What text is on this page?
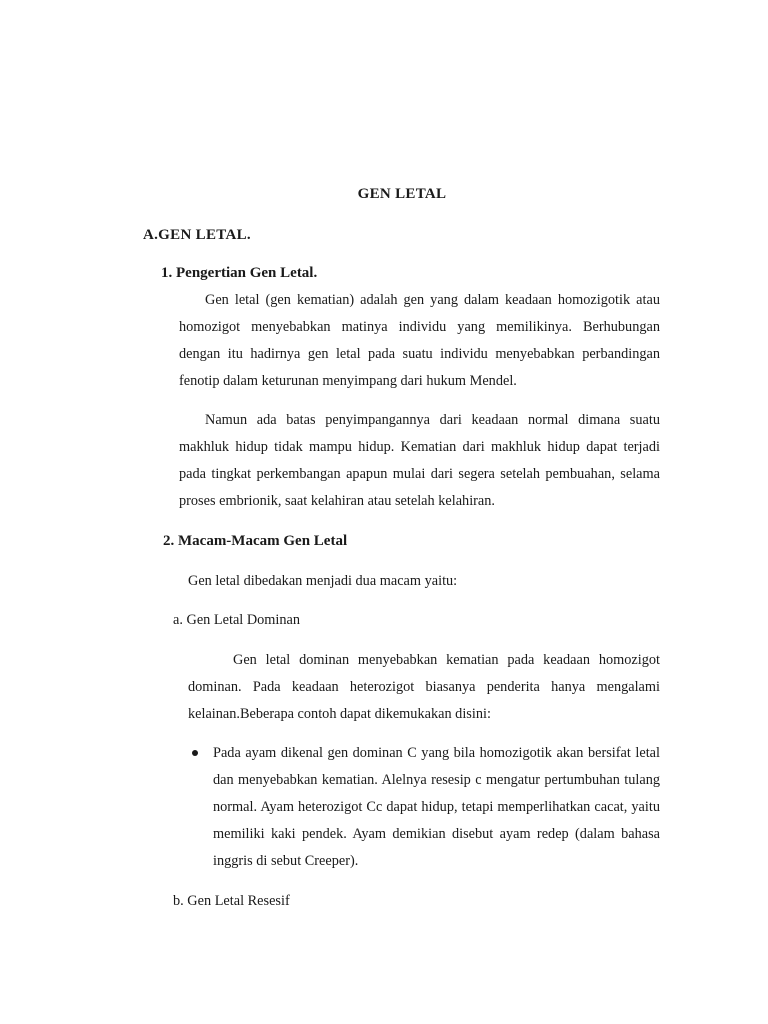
GEN LETAL
A.GEN LETAL.
1. Pengertian Gen Letal.

Gen letal (gen kematian) adalah gen yang dalam keadaan homozigotik atau homozigot menyebabkan matinya individu yang memilikinya. Berhubungan dengan itu hadirnya gen letal pada suatu individu menyebabkan perbandingan fenotip dalam keturunan menyimpang dari hukum Mendel.

Namun ada batas penyimpangannya dari keadaan normal dimana suatu makhluk hidup tidak mampu hidup. Kematian dari makhluk hidup dapat terjadi pada tingkat perkembangan apapun mulai dari segera setelah pembuahan, selama proses embrionik, saat kelahiran atau setelah kelahiran.

2. Macam-Macam Gen Letal

Gen letal dibedakan menjadi dua macam yaitu:

a. Gen Letal Dominan

Gen letal dominan menyebabkan kematian pada keadaan homozigot dominan. Pada keadaan heterozigot biasanya penderita hanya mengalami kelainan.Beberapa contoh dapat dikemukakan disini:

Pada ayam dikenal gen dominan C yang bila homozigotik akan bersifat letal dan menyebabkan kematian. Alelnya resesip c mengatur pertumbuhan tulang normal. Ayam heterozigot Cc dapat hidup, tetapi memperlihatkan cacat, yaitu memiliki kaki pendek. Ayam demikian disebut ayam redep (dalam bahasa inggris di sebut Creeper).

b. Gen Letal Resesif
